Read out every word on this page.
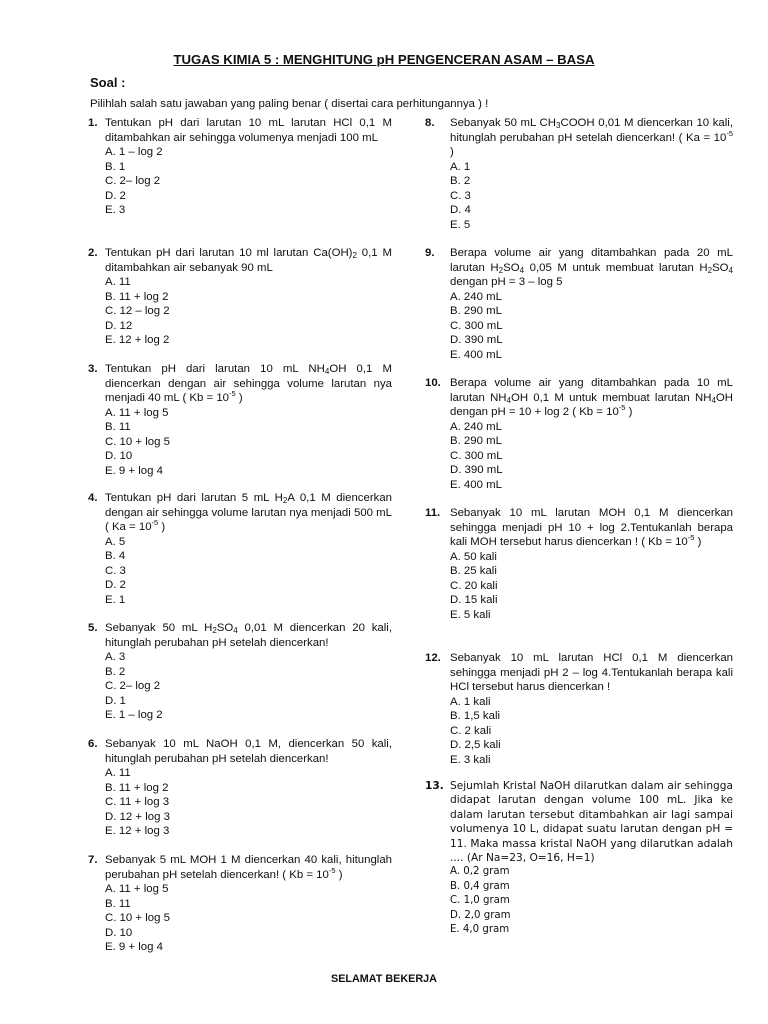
TUGAS KIMIA 5 : MENGHITUNG pH PENGENCERAN ASAM – BASA
Soal :
Pilihlah salah satu jawaban yang paling benar ( disertai cara perhitungannya ) !
1. Tentukan pH dari larutan 10 mL larutan HCl 0,1 M ditambahkan air sehingga volumenya menjadi 100 mL
A. 1 – log 2
B. 1
C. 2– log 2
D. 2
E. 3
2. Tentukan pH dari larutan 10 ml larutan $Ca(OH)_2$ 0,1 M ditambahkan air sebanyak 90 mL
A. 11
B. 11 + log 2
C. 12 – log 2
D. 12
E. 12 + log 2
3. Tentukan pH dari larutan 10 mL $NH_4OH$ 0,1 M diencerkan dengan air sehingga volume larutan nya menjadi 40 mL ( $Kb = 10^{-5}$ )
A. 11 + log 5
B. 11
C. 10 + log 5
D. 10
E. 9 + log 4
4. Tentukan pH dari larutan 5 mL $H_2A$ 0,1 M diencerkan dengan air sehingga volume larutan nya menjadi 500 mL ( $Ka = 10^{-5}$ )
A. 5
B. 4
C. 3
D. 2
E. 1
5. Sebanyak 50 mL $H_2SO_4$ 0,01 M diencerkan 20 kali, hitunglah perubahan pH setelah diencerkan!
A. 3
B. 2
C. 2– log 2
D. 1
E. 1 – log 2
6. Sebanyak 10 mL NaOH 0,1 M, diencerkan 50 kali, hitunglah perubahan pH setelah diencerkan!
A. 11
B. 11 + log 2
C. 11 + log 3
D. 12 + log 3
E. 12 + log 3
7. Sebanyak 5 mL MOH 1 M diencerkan 40 kali, hitunglah perubahan pH setelah diencerkan! ( $Kb = 10^{-5}$ )
A. 11 + log 5
B. 11
C. 10 + log 5
D. 10
E. 9 + log 4
8. Sebanyak 50 mL $CH_3COOH$ 0,01 M diencerkan 10 kali, hitunglah perubahan pH setelah diencerkan! ( $Ka = 10^{-5}$ )
A. 1
B. 2
C. 3
D. 4
E. 5
9. Berapa volume air yang ditambahkan pada 20 mL larutan $H_2SO_4$ 0,05 M untuk membuat larutan $H_2SO_4$ dengan pH = 3 – log 5
A. 240 mL
B. 290 mL
C. 300 mL
D. 390 mL
E. 400 mL
10. Berapa volume air yang ditambahkan pada 10 mL larutan $NH_4OH$ 0,1 M untuk membuat larutan $NH_4OH$ dengan pH = 10 + log 2 ( $Kb = 10^{-5}$ )
A. 240 mL
B. 290 mL
C. 300 mL
D. 390 mL
E. 400 mL
11. Sebanyak 10 mL larutan MOH 0,1 M diencerkan sehingga menjadi pH 10 + log 2.Tentukanlah berapa kali MOH tersebut harus diencerkan ! ( $Kb = 10^{-5}$ )
A. 50 kali
B. 25 kali
C. 20 kali
D. 15 kali
E. 5 kali
12. Sebanyak 10 mL larutan HCl 0,1 M diencerkan sehingga menjadi pH 2 – log 4.Tentukanlah berapa kali HCl tersebut harus diencerkan !
A. 1 kali
B. 1,5 kali
C. 2 kali
D. 2,5 kali
E. 3 kali
13. Sejumlah Kristal NaOH dilarutkan dalam air sehingga didapat larutan dengan volume 100 mL. Jika ke dalam larutan tersebut ditambahkan air lagi sampai volumenya 10 L, didapat suatu larutan dengan pH = 11. Maka massa kristal NaOH yang dilarutkan adalah .... (Ar Na=23, O=16, H=1)
A. 0,2 gram
B. 0,4 gram
C. 1,0 gram
D. 2,0 gram
E. 4,0 gram
SELAMAT BEKERJA
